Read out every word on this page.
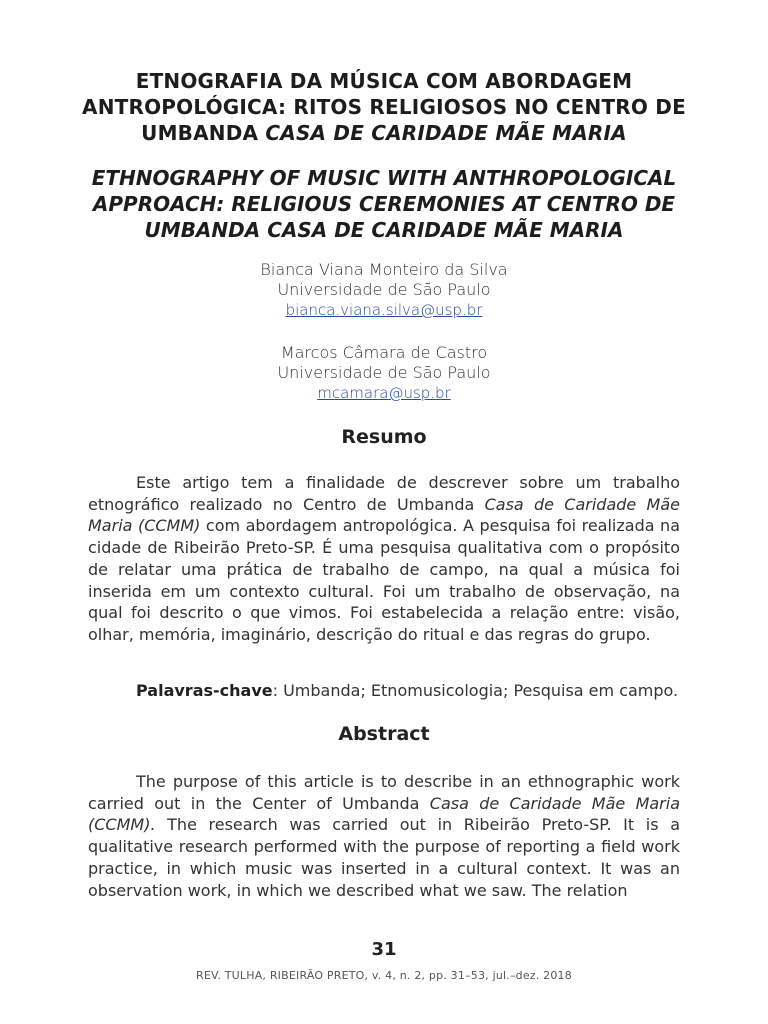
ETNOGRAFIA DA MÚSICA COM ABORDAGEM
ANTROPOLÓGICA: RITOS RELIGIOSOS NO CENTRO DE
UMBANDA CASA DE CARIDADE MÃE MARIA
ETHNOGRAPHY OF MUSIC WITH ANTHROPOLOGICAL
APPROACH: RELIGIOUS CEREMONIES AT CENTRO DE
UMBANDA CASA DE CARIDADE MÃE MARIA
Bianca Viana Monteiro da Silva
Universidade de São Paulo
bianca.viana.silva@usp.br
Marcos Câmara de Castro
Universidade de São Paulo
mcamara@usp.br
Resumo
Este artigo tem a finalidade de descrever sobre um trabalho etnográfico realizado no Centro de Umbanda Casa de Caridade Mãe Maria (CCMM) com abordagem antropológica. A pesquisa foi realizada na cidade de Ribeirão Preto-SP. É uma pesquisa qualitativa com o propósito de relatar uma prática de trabalho de campo, na qual a música foi inserida em um contexto cultural. Foi um trabalho de observação, na qual foi descrito o que vimos. Foi estabelecida a relação entre: visão, olhar, memória, imaginário, descrição do ritual e das regras do grupo.
Palavras-chave: Umbanda; Etnomusicologia; Pesquisa em campo.
Abstract
The purpose of this article is to describe in an ethnographic work carried out in the Center of Umbanda Casa de Caridade Mãe Maria (CCMM). The research was carried out in Ribeirão Preto-SP. It is a qualitative research performed with the purpose of reporting a field work practice, in which music was inserted in a cultural context. It was an observation work, in which we described what we saw. The relation
31
REV. TULHA, RIBEIRÃO PRETO, v. 4, n. 2, pp. 31–53, jul.–dez. 2018
